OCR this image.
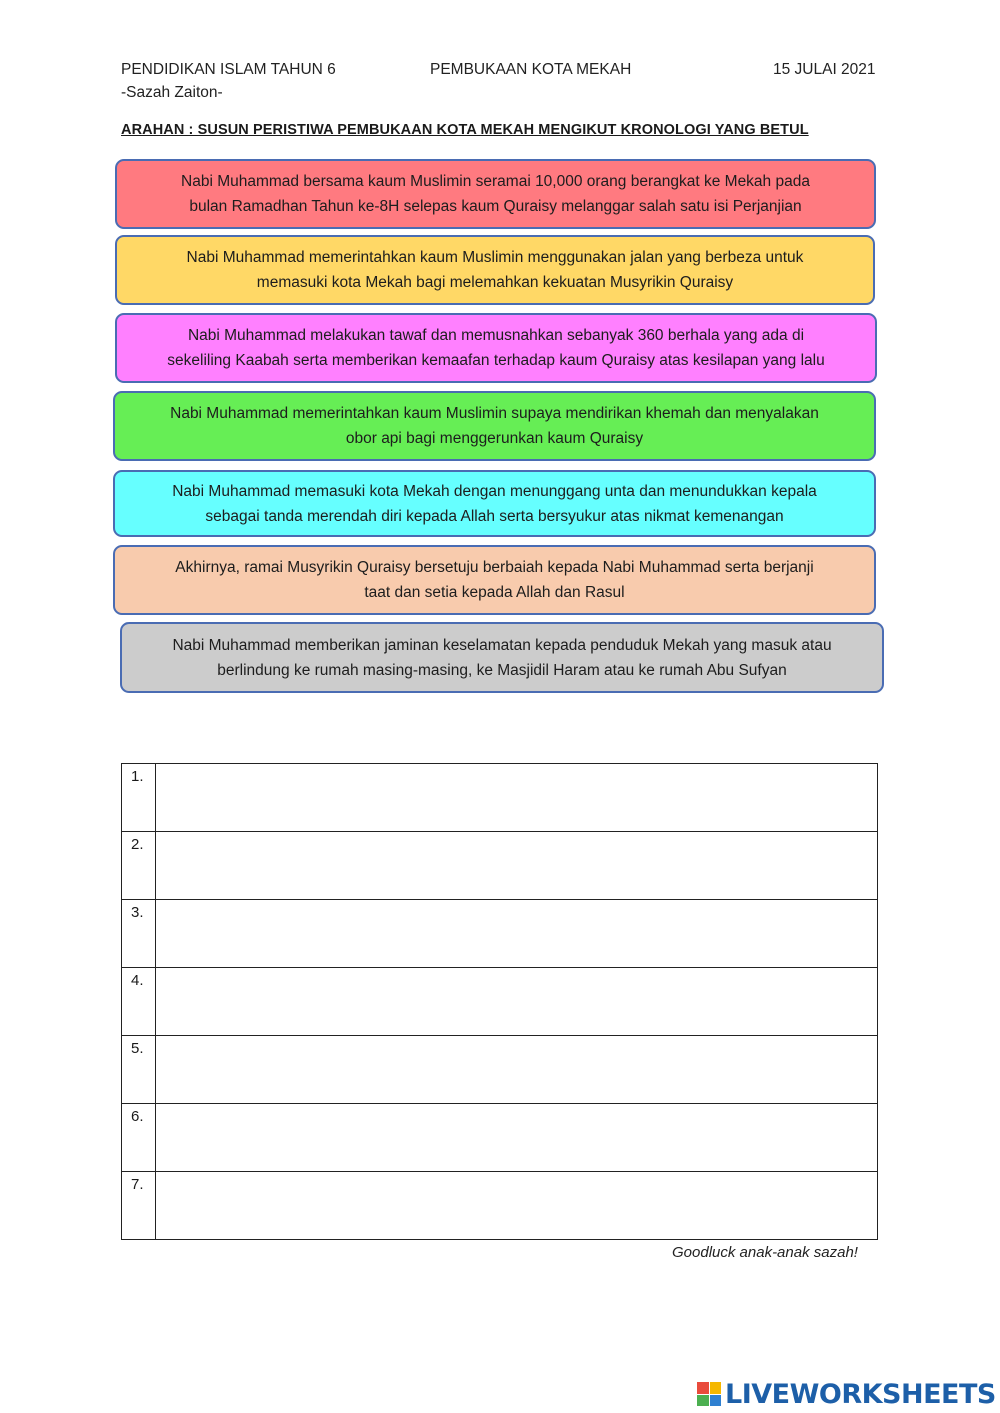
PENDIDIKAN ISLAM TAHUN 6
-Sazah Zaiton-
PEMBUKAAN KOTA MEKAH	15 JULAI 2021
ARAHAN : SUSUN PERISTIWA PEMBUKAAN KOTA MEKAH MENGIKUT KRONOLOGI YANG BETUL
Nabi Muhammad bersama kaum Muslimin seramai 10,000 orang berangkat ke Mekah pada
bulan Ramadhan Tahun ke-8H selepas kaum Quraisy melanggar salah satu isi Perjanjian
Nabi Muhammad memerintahkan kaum Muslimin menggunakan jalan yang berbeza untuk
memasuki kota Mekah bagi melemahkan kekuatan Musyrikin Quraisy
Nabi Muhammad melakukan tawaf dan memusnahkan sebanyak 360 berhala yang ada di
sekeliling Kaabah serta memberikan kemaafan terhadap kaum Quraisy atas kesilapan yang lalu
Nabi Muhammad memerintahkan kaum Muslimin supaya mendirikan khemah dan menyalakan
obor api bagi menggerunkan kaum Quraisy
Nabi Muhammad memasuki kota Mekah dengan menunggang unta dan menundukkan kepala
sebagai tanda merendah diri kepada Allah serta bersyukur atas nikmat kemenangan
Akhirnya, ramai Musyrikin Quraisy bersetuju berbaiah kepada Nabi Muhammad serta berjanji
taat dan setia kepada Allah dan Rasul
Nabi Muhammad memberikan jaminan keselamatan kepada penduduk Mekah yang masuk atau
berlindung ke rumah masing-masing, ke Masjidil Haram atau ke rumah Abu Sufyan
1.	
2.	
3.	
4.	
5.	
6.	
7.	
Goodluck anak-anak sazah!
LIVEWORKSHEETS
